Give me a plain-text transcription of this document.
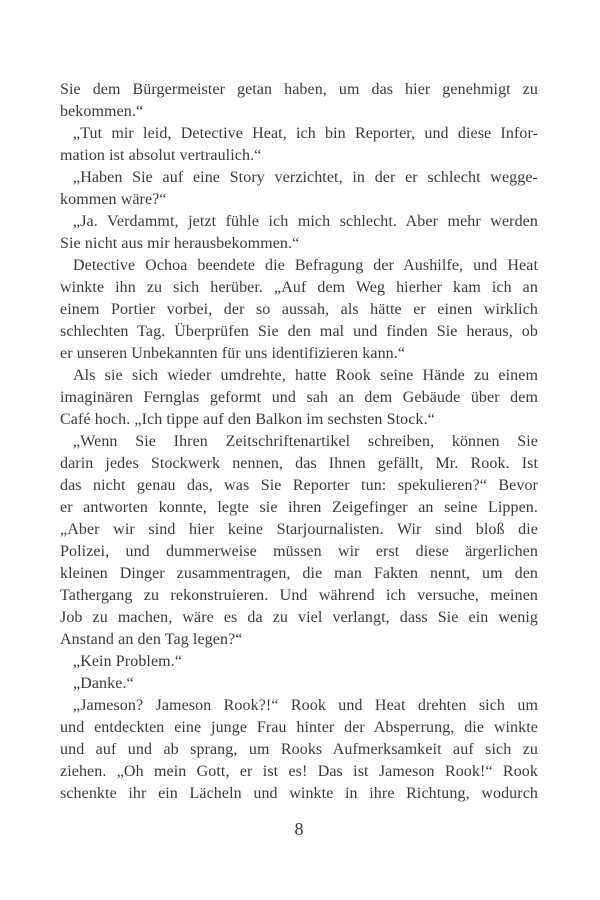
Sie dem Bürgermeister getan haben, um das hier genehmigt zu
bekommen.“
„Tut mir leid, Detective Heat, ich bin Reporter, und diese Infor-
mation ist absolut vertraulich.“
„Haben Sie auf eine Story verzichtet, in der er schlecht wegge-
kommen wäre?“
„Ja. Verdammt, jetzt fühle ich mich schlecht. Aber mehr werden
Sie nicht aus mir herausbekommen.“
Detective Ochoa beendete die Befragung der Aushilfe, und Heat
winkte ihn zu sich herüber. „Auf dem Weg hierher kam ich an
einem Portier vorbei, der so aussah, als hätte er einen wirklich
schlechten Tag. Überprüfen Sie den mal und finden Sie heraus, ob
er unseren Unbekannten für uns identifizieren kann.“
Als sie sich wieder umdrehte, hatte Rook seine Hände zu einem
imaginären Fernglas geformt und sah an dem Gebäude über dem
Café hoch. „Ich tippe auf den Balkon im sechsten Stock.“
„Wenn Sie Ihren Zeitschriftenartikel schreiben, können Sie
darin jedes Stockwerk nennen, das Ihnen gefällt, Mr. Rook. Ist
das nicht genau das, was Sie Reporter tun: spekulieren?“ Bevor
er antworten konnte, legte sie ihren Zeigefinger an seine Lippen.
„Aber wir sind hier keine Starjournalisten. Wir sind bloß die
Polizei, und dummerweise müssen wir erst diese ärgerlichen
kleinen Dinger zusammentragen, die man Fakten nennt, um den
Tathergang zu rekonstruieren. Und während ich versuche, meinen
Job zu machen, wäre es da zu viel verlangt, dass Sie ein wenig
Anstand an den Tag legen?“
„Kein Problem.“
„Danke.“
„Jameson? Jameson Rook?!“ Rook und Heat drehten sich um
und entdeckten eine junge Frau hinter der Absperrung, die winkte
und auf und ab sprang, um Rooks Aufmerksamkeit auf sich zu
ziehen. „Oh mein Gott, er ist es! Das ist Jameson Rook!“ Rook
schenkte ihr ein Lächeln und winkte in ihre Richtung, wodurch
8
